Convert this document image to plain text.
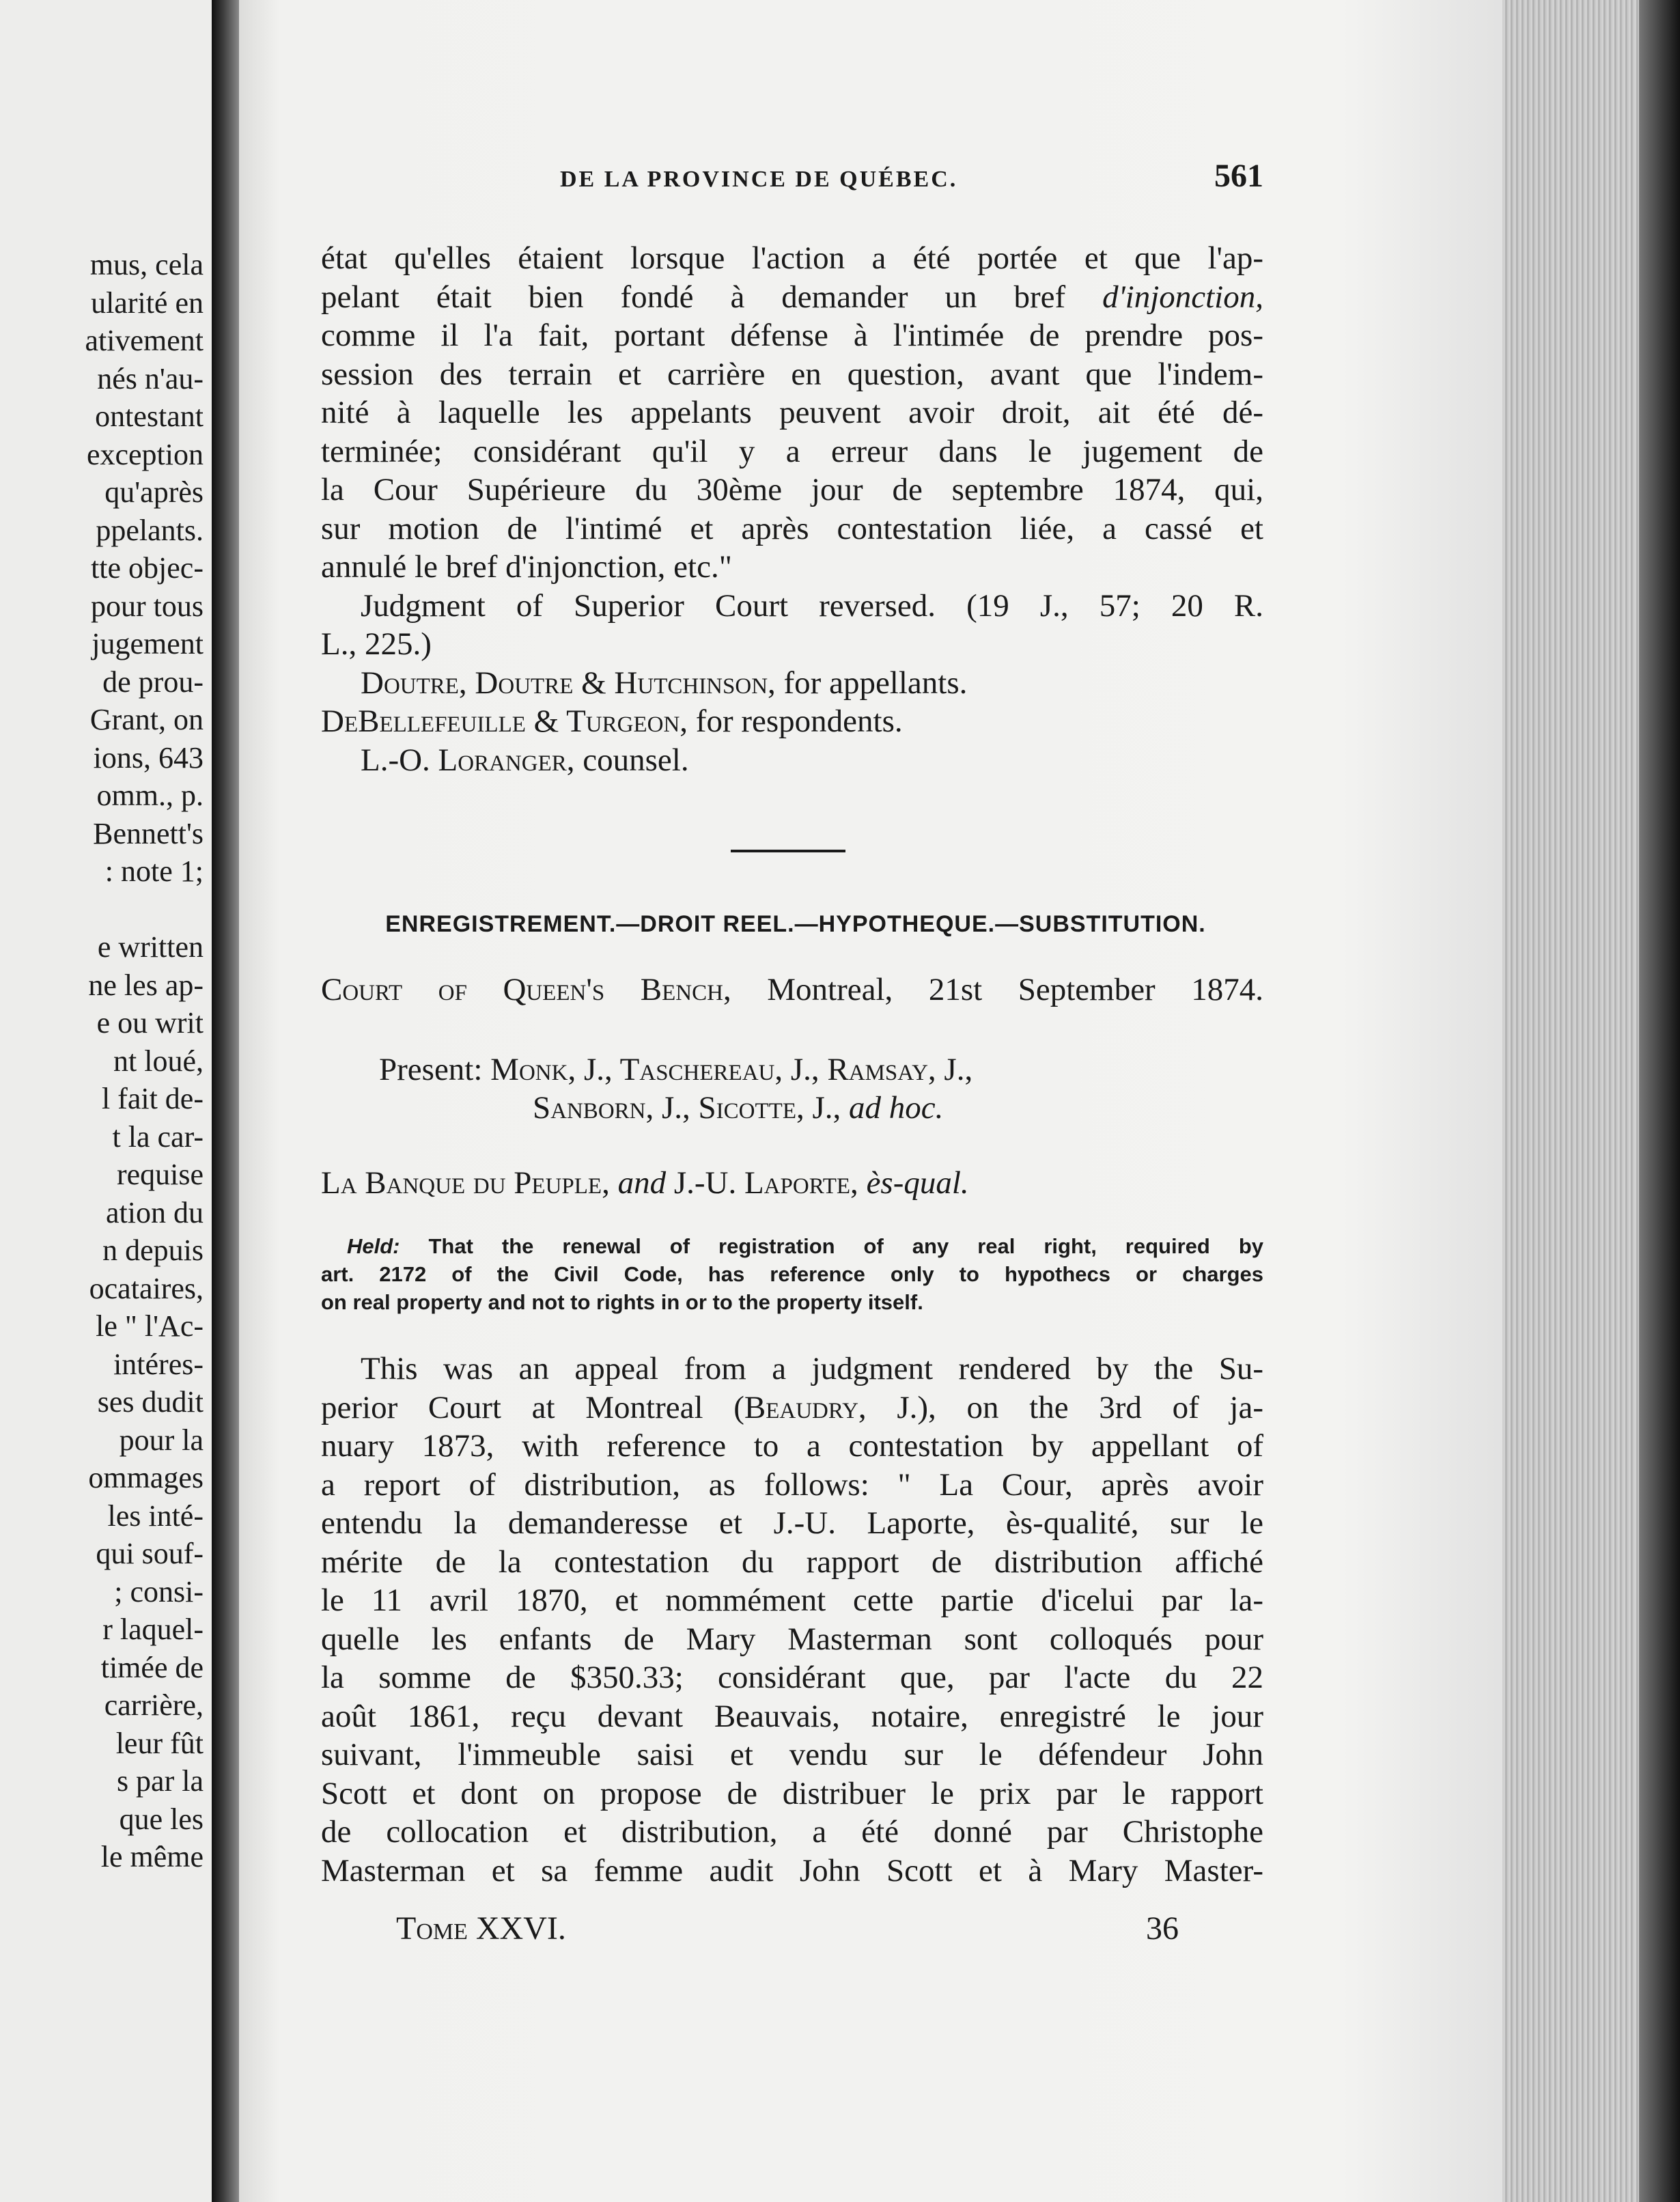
mus, cela
ularité en
ativement
nés n'au-
ontestant
exception
qu'après
ppelants.
tte objec-
pour tous
jugement
de prou-
Grant, on
ions, 643
omm., p.
Bennett's
: note 1;
e written
ne les ap-
e ou writ
nt loué,
l fait de-
t la car-
requise
ation du
n depuis
ocataires,
le " l'Ac-
intéres-
ses dudit
pour la
ommages
les inté-
qui souf-
; consi-
r laquel-
timée de
carrière,
leur fût
s par la
que les
le même
DE LA PROVINCE DE QUÉBEC.	561
état qu'elles étaient lorsque l'action a été portée et que l'ap-
pelant était bien fondé à demander un bref d'injonction,
comme il l'a fait, portant défense à l'intimée de prendre pos-
session des terrain et carrière en question, avant que l'indem-
nité à laquelle les appelants peuvent avoir droit, ait été dé-
terminée; considérant qu'il y a erreur dans le jugement de
la Cour Supérieure du 30ème jour de septembre 1874, qui,
sur motion de l'intimé et après contestation liée, a cassé et
annulé le bref d'injonction, etc."
Judgment of Superior Court reversed. (19 J., 57; 20 R.
L., 225.)
Doutre, Doutre & Hutchinson, for appellants.
DeBellefeuille & Turgeon, for respondents.
L.-O. Loranger, counsel.
ENREGISTREMENT.—DROIT REEL.—HYPOTHEQUE.—SUBSTITUTION.
Court of Queen's Bench, Montreal, 21st September 1874.
Present: Monk, J., Taschereau, J., Ramsay, J.,
Sanborn, J., Sicotte, J., ad hoc.
La Banque du Peuple, and J.-U. Laporte, ès-qual.
Held: That the renewal of registration of any real right, required by
art. 2172 of the Civil Code, has reference only to hypothecs or charges
on real property and not to rights in or to the property itself.
This was an appeal from a judgment rendered by the Su-
perior Court at Montreal (Beaudry, J.), on the 3rd of ja-
nuary 1873, with reference to a contestation by appellant of
a report of distribution, as follows: " La Cour, après avoir
entendu la demanderesse et J.-U. Laporte, ès-qualité, sur le
mérite de la contestation du rapport de distribution affiché
le 11 avril 1870, et nommément cette partie d'icelui par la-
quelle les enfants de Mary Masterman sont colloqués pour
la somme de $350.33; considérant que, par l'acte du 22
août 1861, reçu devant Beauvais, notaire, enregistré le jour
suivant, l'immeuble saisi et vendu sur le défendeur John
Scott et dont on propose de distribuer le prix par le rapport
de collocation et distribution, a été donné par Christophe
Masterman et sa femme audit John Scott et à Mary Master-
Tome XXVI.	36
